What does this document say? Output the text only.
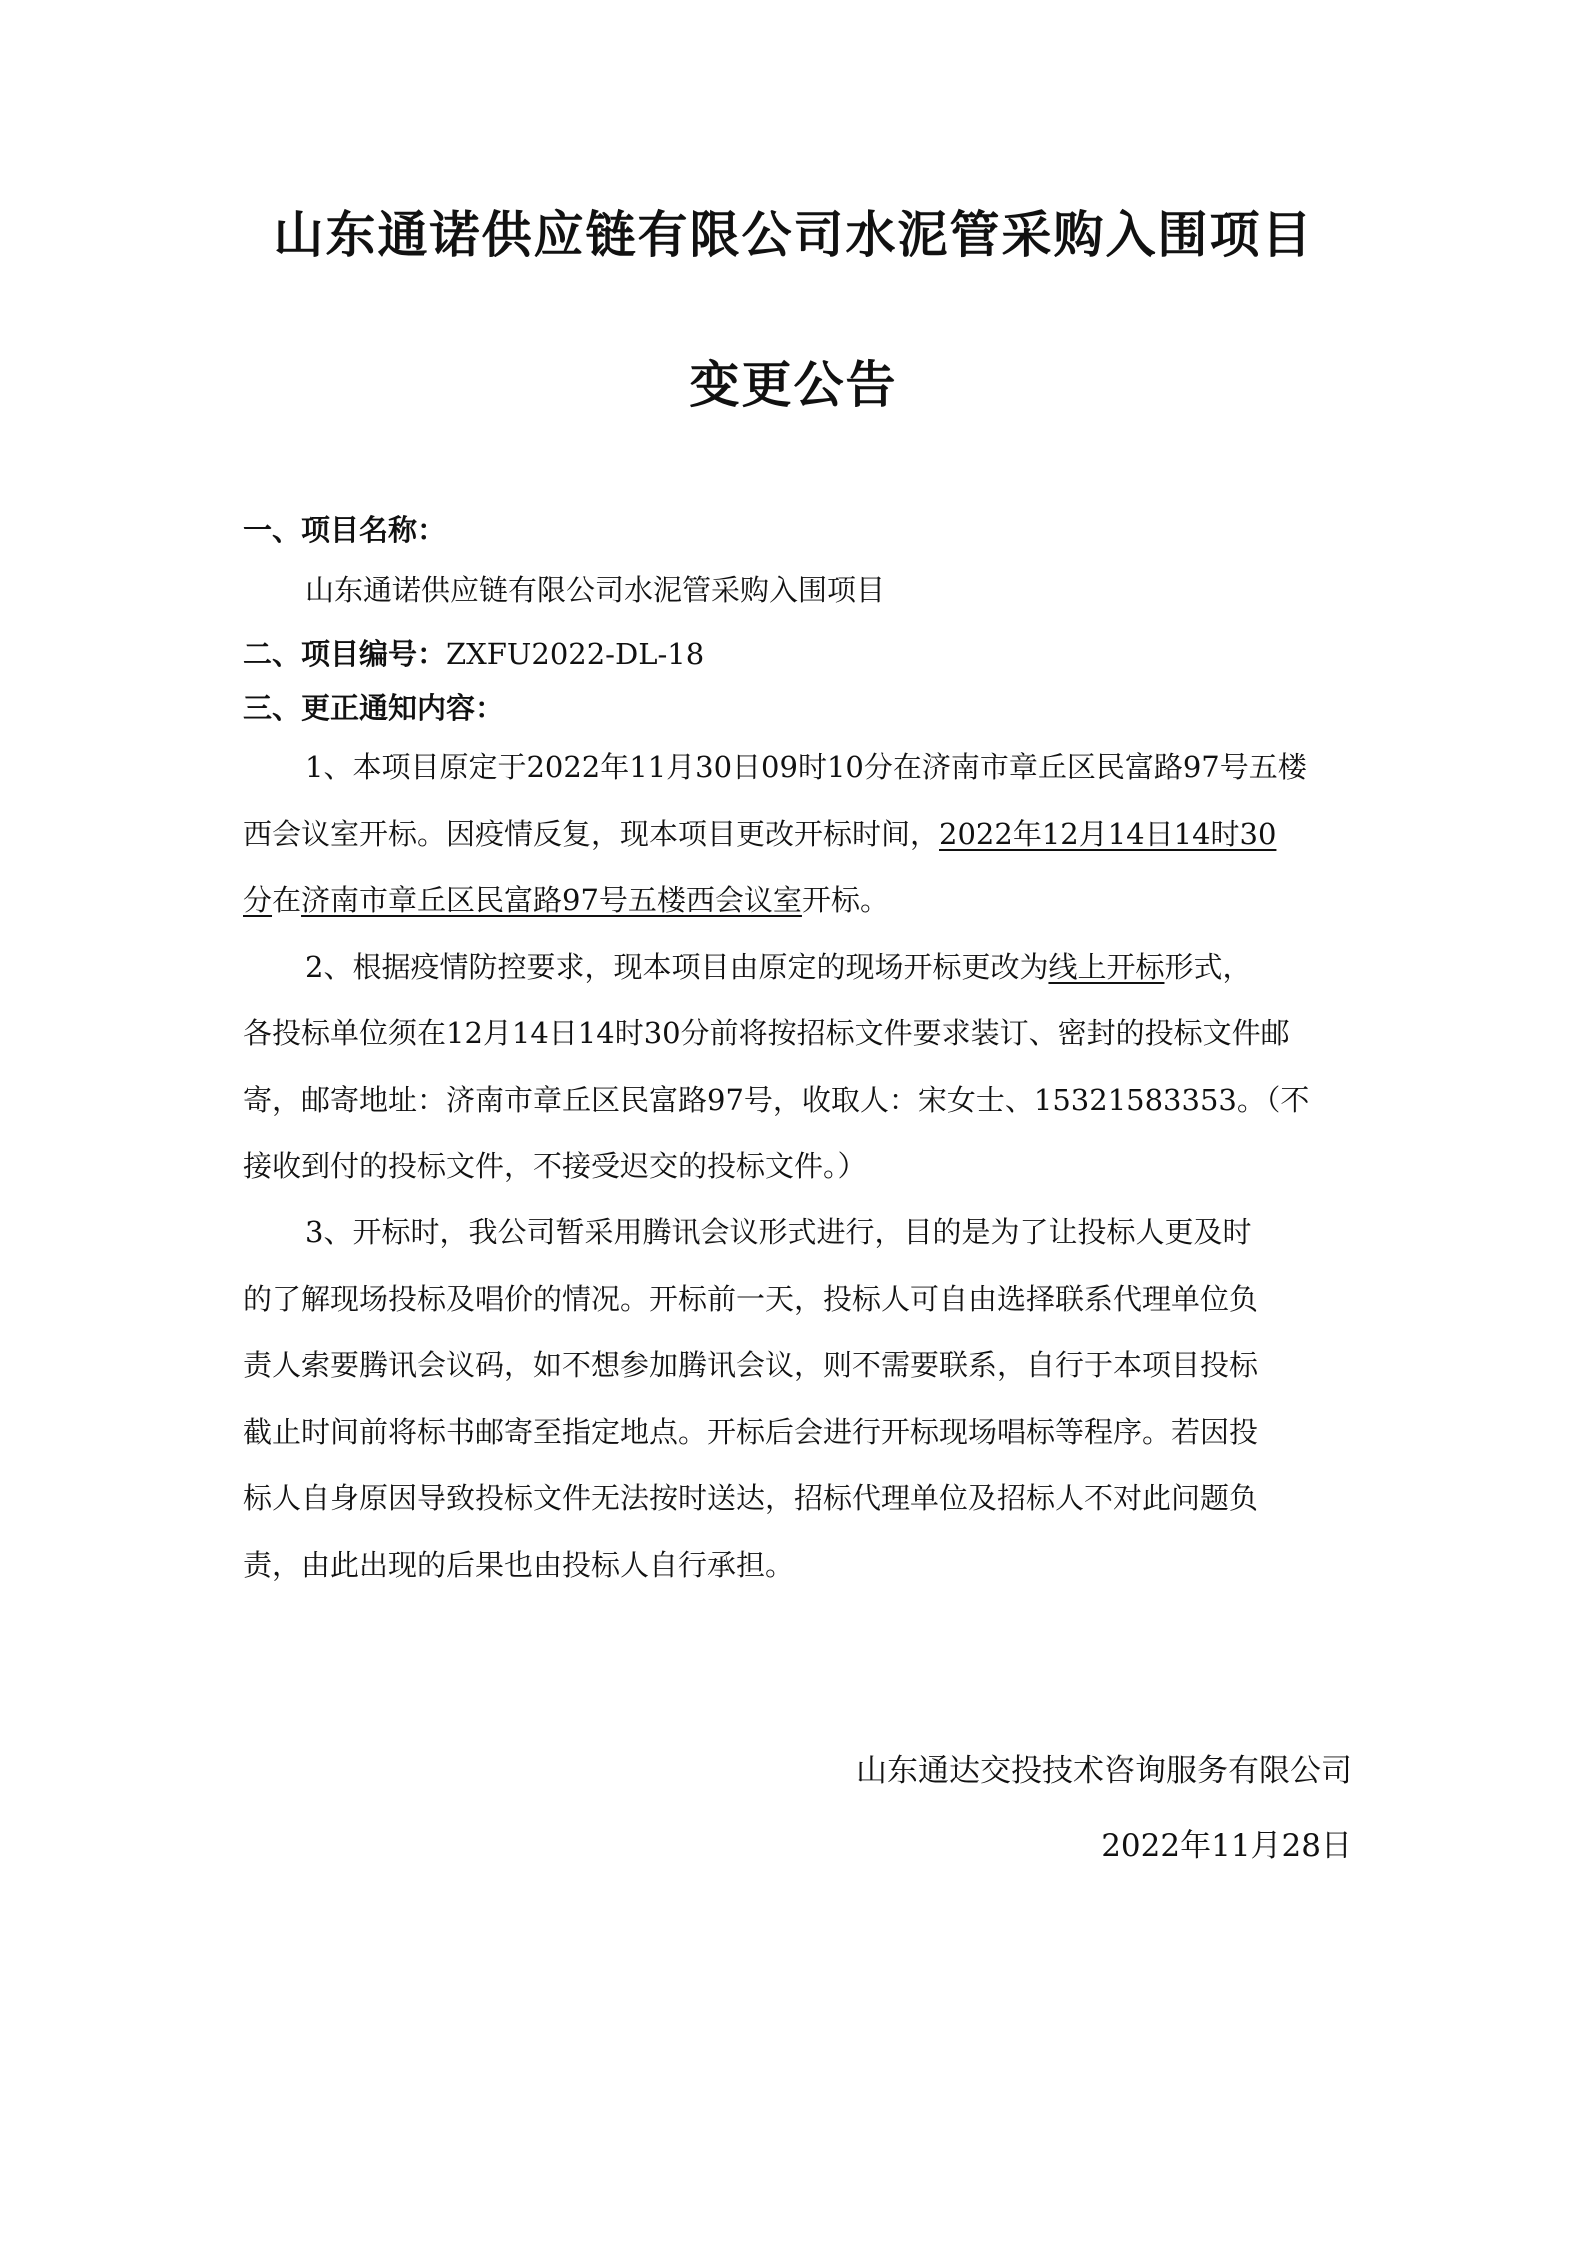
山东通诺供应链有限公司水泥管采购入围项目
变更公告
一、项目名称：
山东通诺供应链有限公司水泥管采购入围项目
二、项目编号：ZXFU2022-DL-18
三、更正通知内容：
1、本项目原定于2022年11月30日09时10分在济南市章丘区民富路97号五楼
西会议室开标。因疫情反复，现本项目更改开标时间，2022年12月14日14时30
分在济南市章丘区民富路97号五楼西会议室开标。
2、根据疫情防控要求，现本项目由原定的现场开标更改为线上开标形式，
各投标单位须在12月14日14时30分前将按招标文件要求装订、密封的投标文件邮
寄，邮寄地址：济南市章丘区民富路97号，收取人：宋女士、15321583353。（不
接收到付的投标文件，不接受迟交的投标文件。）
3、开标时，我公司暂采用腾讯会议形式进行，目的是为了让投标人更及时
的了解现场投标及唱价的情况。开标前一天，投标人可自由选择联系代理单位负
责人索要腾讯会议码，如不想参加腾讯会议，则不需要联系，自行于本项目投标
截止时间前将标书邮寄至指定地点。开标后会进行开标现场唱标等程序。若因投
标人自身原因导致投标文件无法按时送达，招标代理单位及招标人不对此问题负
责，由此出现的后果也由投标人自行承担。
山东通达交投技术咨询服务有限公司
2022年11月28日
